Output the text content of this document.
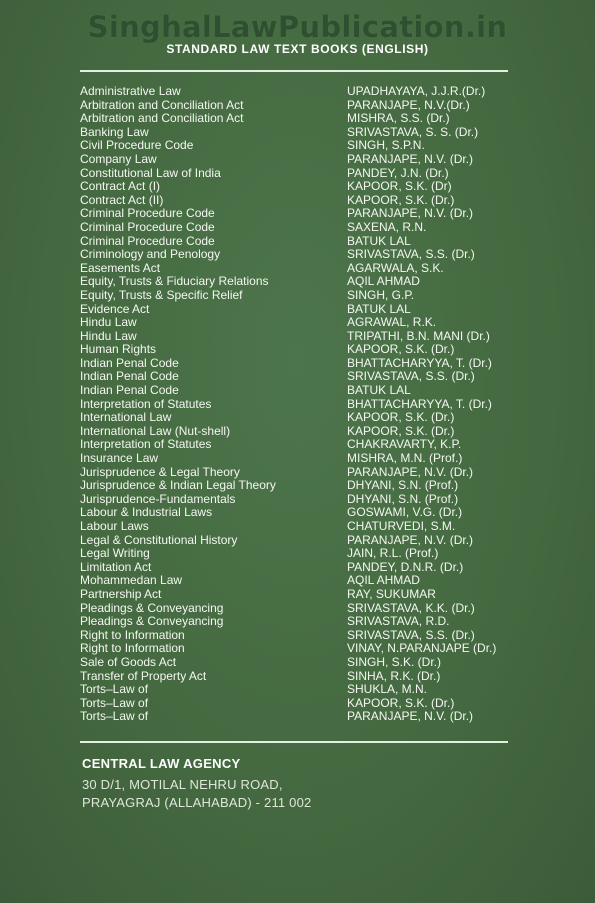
SinghalLawPublication.in
STANDARD LAW TEXT BOOKS (ENGLISH)
Administrative Law	UPADHAYAYA, J.J.R.(Dr.)
Arbitration and Conciliation Act	PARANJAPE, N.V.(Dr.)
Arbitration and Conciliation Act	MISHRA, S.S. (Dr.)
Banking Law	SRIVASTAVA, S. S. (Dr.)
Civil Procedure Code	SINGH, S.P.N.
Company Law	PARANJAPE, N.V. (Dr.)
Constitutional Law of India	PANDEY, J.N. (Dr.)
Contract Act (I)	KAPOOR, S.K. (Dr)
Contract Act (II)	KAPOOR, S.K. (Dr.)
Criminal Procedure Code	PARANJAPE, N.V. (Dr.)
Criminal Procedure Code	SAXENA, R.N.
Criminal Procedure Code	BATUK LAL
Criminology and Penology	SRIVASTAVA, S.S. (Dr.)
Easements Act	AGARWALA, S.K.
Equity, Trusts & Fiduciary Relations	AQIL AHMAD
Equity, Trusts & Specific Relief	SINGH, G.P.
Evidence Act	BATUK LAL
Hindu Law	AGRAWAL, R.K.
Hindu Law	TRIPATHI, B.N. MANI (Dr.)
Human Rights	KAPOOR, S.K. (Dr.)
Indian Penal Code	BHATTACHARYYA, T. (Dr.)
Indian Penal Code	SRIVASTAVA, S.S. (Dr.)
Indian Penal Code	BATUK LAL
Interpretation of Statutes	BHATTACHARYYA, T. (Dr.)
International Law	KAPOOR, S.K. (Dr.)
International Law (Nut-shell)	KAPOOR, S.K. (Dr.)
Interpretation of Statutes	CHAKRAVARTY, K.P.
Insurance Law	MISHRA, M.N. (Prof.)
Jurisprudence & Legal Theory	PARANJAPE, N.V. (Dr.)
Jurisprudence & Indian Legal Theory	DHYANI, S.N. (Prof.)
Jurisprudence-Fundamentals	DHYANI, S.N. (Prof.)
Labour & Industrial Laws	GOSWAMI, V.G. (Dr.)
Labour Laws	CHATURVEDI, S.M.
Legal & Constitutional History	PARANJAPE, N.V. (Dr.)
Legal Writing	JAIN, R.L. (Prof.)
Limitation Act	PANDEY, D.N.R. (Dr.)
Mohammedan Law	AQIL AHMAD
Partnership Act	RAY, SUKUMAR
Pleadings & Conveyancing	SRIVASTAVA, K.K. (Dr.)
Pleadings & Conveyancing	SRIVASTAVA, R.D.
Right to Information	SRIVASTAVA, S.S. (Dr.)
Right to Information	VINAY, N.PARANJAPE (Dr.)
Sale of Goods Act	SINGH, S.K. (Dr.)
Transfer of Property Act	SINHA, R.K. (Dr.)
Torts–Law of	SHUKLA, M.N.
Torts–Law of	KAPOOR, S.K. (Dr.)
Torts–Law of	PARANJAPE, N.V. (Dr.)
CENTRAL LAW AGENCY
30 D/1, MOTILAL NEHRU ROAD,
PRAYAGRAJ (ALLAHABAD) - 211 002
